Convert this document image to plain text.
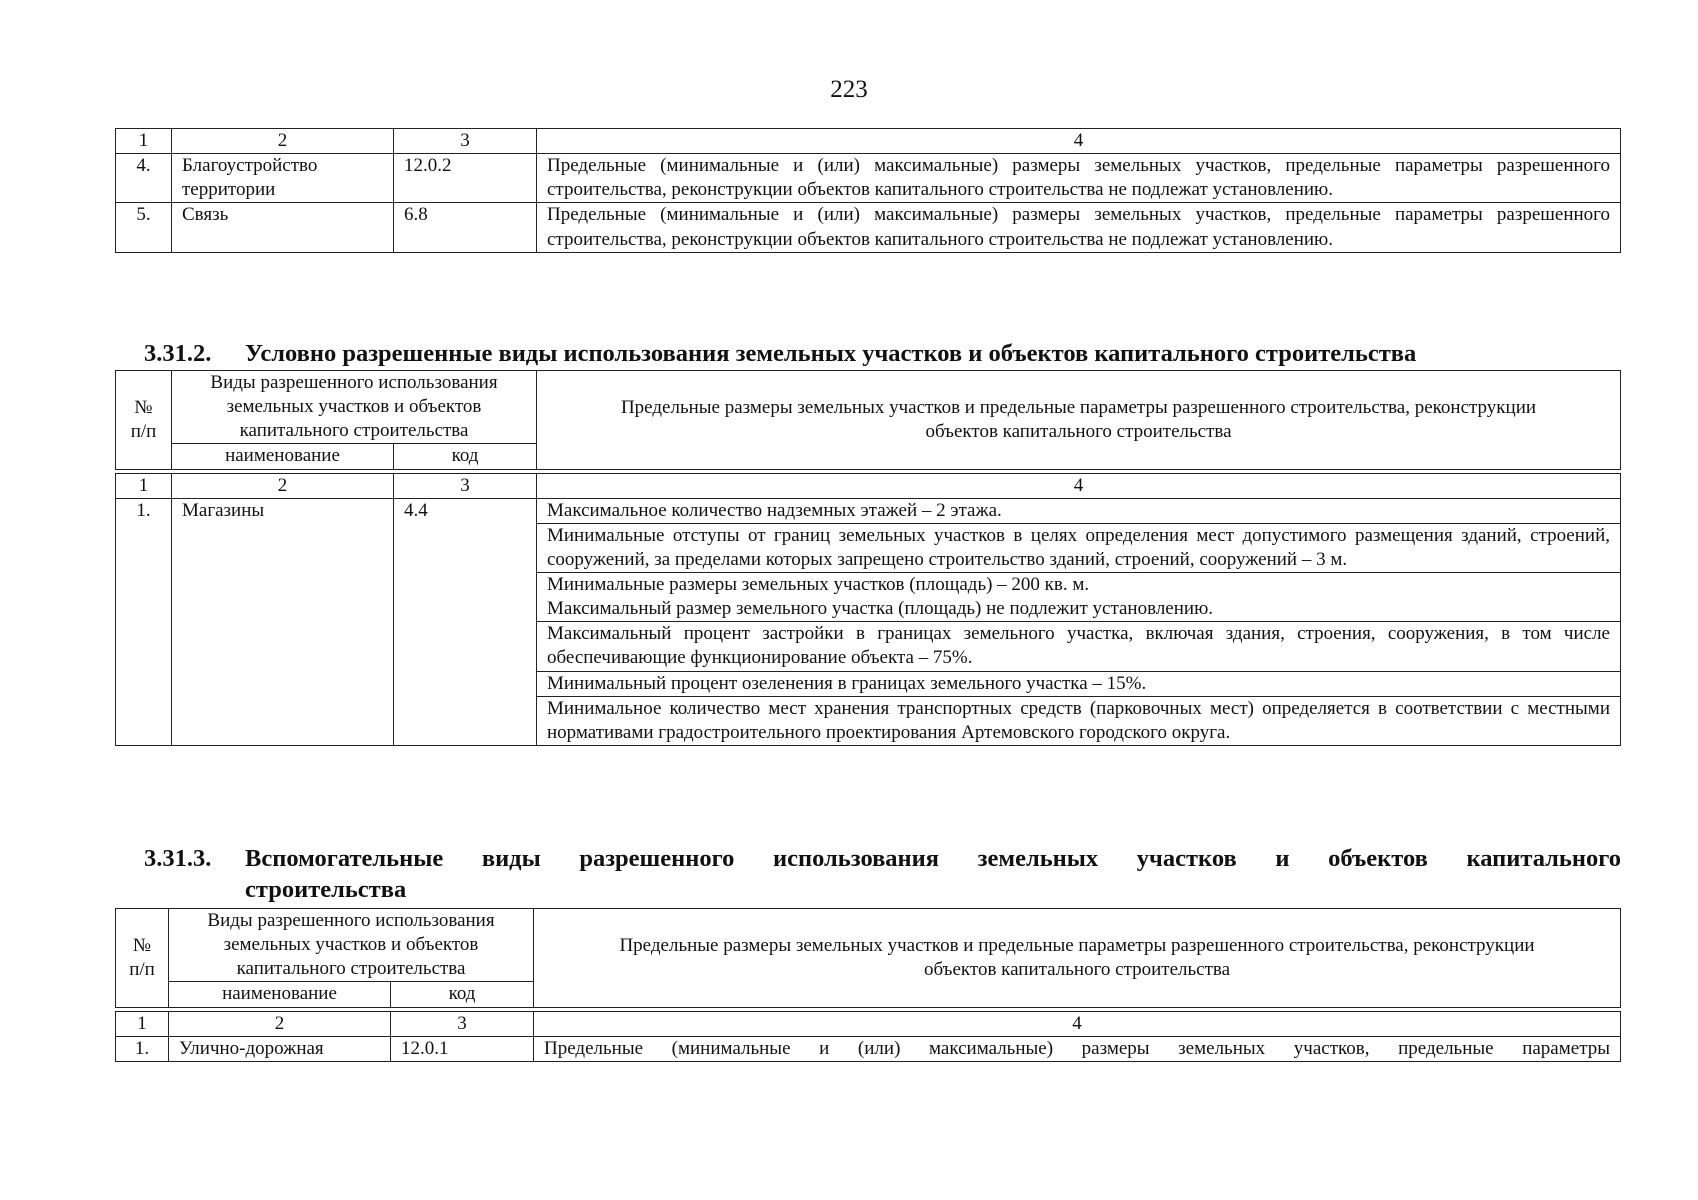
223
1	2	3	4
4.	Благоустройство территории	12.0.2	Предельные (минимальные и (или) максимальные) размеры земельных участков, предельные параметры разрешенного строительства, реконструкции объектов капитального строительства не подлежат установлению.
5.	Связь	6.8	Предельные (минимальные и (или) максимальные) размеры земельных участков, предельные параметры разрешенного строительства, реконструкции объектов капитального строительства не подлежат установлению.
3.31.2. Условно разрешенные виды использования земельных участков и объектов капитального строительства
№ п/п	Виды разрешенного использования земельных участков и объектов капитального строительства		Предельные размеры земельных участков и предельные параметры разрешенного строительства, реконструкции объектов капитального строительства
	наименование	код	
1	2	3	4
1.	Магазины	4.4	Максимальное количество надземных этажей – 2 этажа.
			Минимальные отступы от границ земельных участков в целях определения мест допустимого размещения зданий, строений, сооружений, за пределами которых запрещено строительство зданий, строений, сооружений – 3 м.
			Минимальные размеры земельных участков (площадь) – 200 кв. м.
Максимальный размер земельного участка (площадь) не подлежит установлению.
			Максимальный процент застройки в границах земельного участка, включая здания, строения, сооружения, в том числе обеспечивающие функционирование объекта – 75%.
			Минимальный процент озеленения в границах земельного участка – 15%.
			Минимальное количество мест хранения транспортных средств (парковочных мест) определяется в соответствии с местными нормативами градостроительного проектирования Артемовского городского округа.
3.31.3. Вспомогательные виды разрешенного использования земельных участков и объектов капитального
строительства
№ п/п	Виды разрешенного использования земельных участков и объектов капитального строительства		Предельные размеры земельных участков и предельные параметры разрешенного строительства, реконструкции объектов капитального строительства
	наименование	код	
1	2	3	4
1.	Улично-дорожная	12.0.1	Предельные (минимальные и (или) максимальные) размеры земельных участков, предельные параметры
